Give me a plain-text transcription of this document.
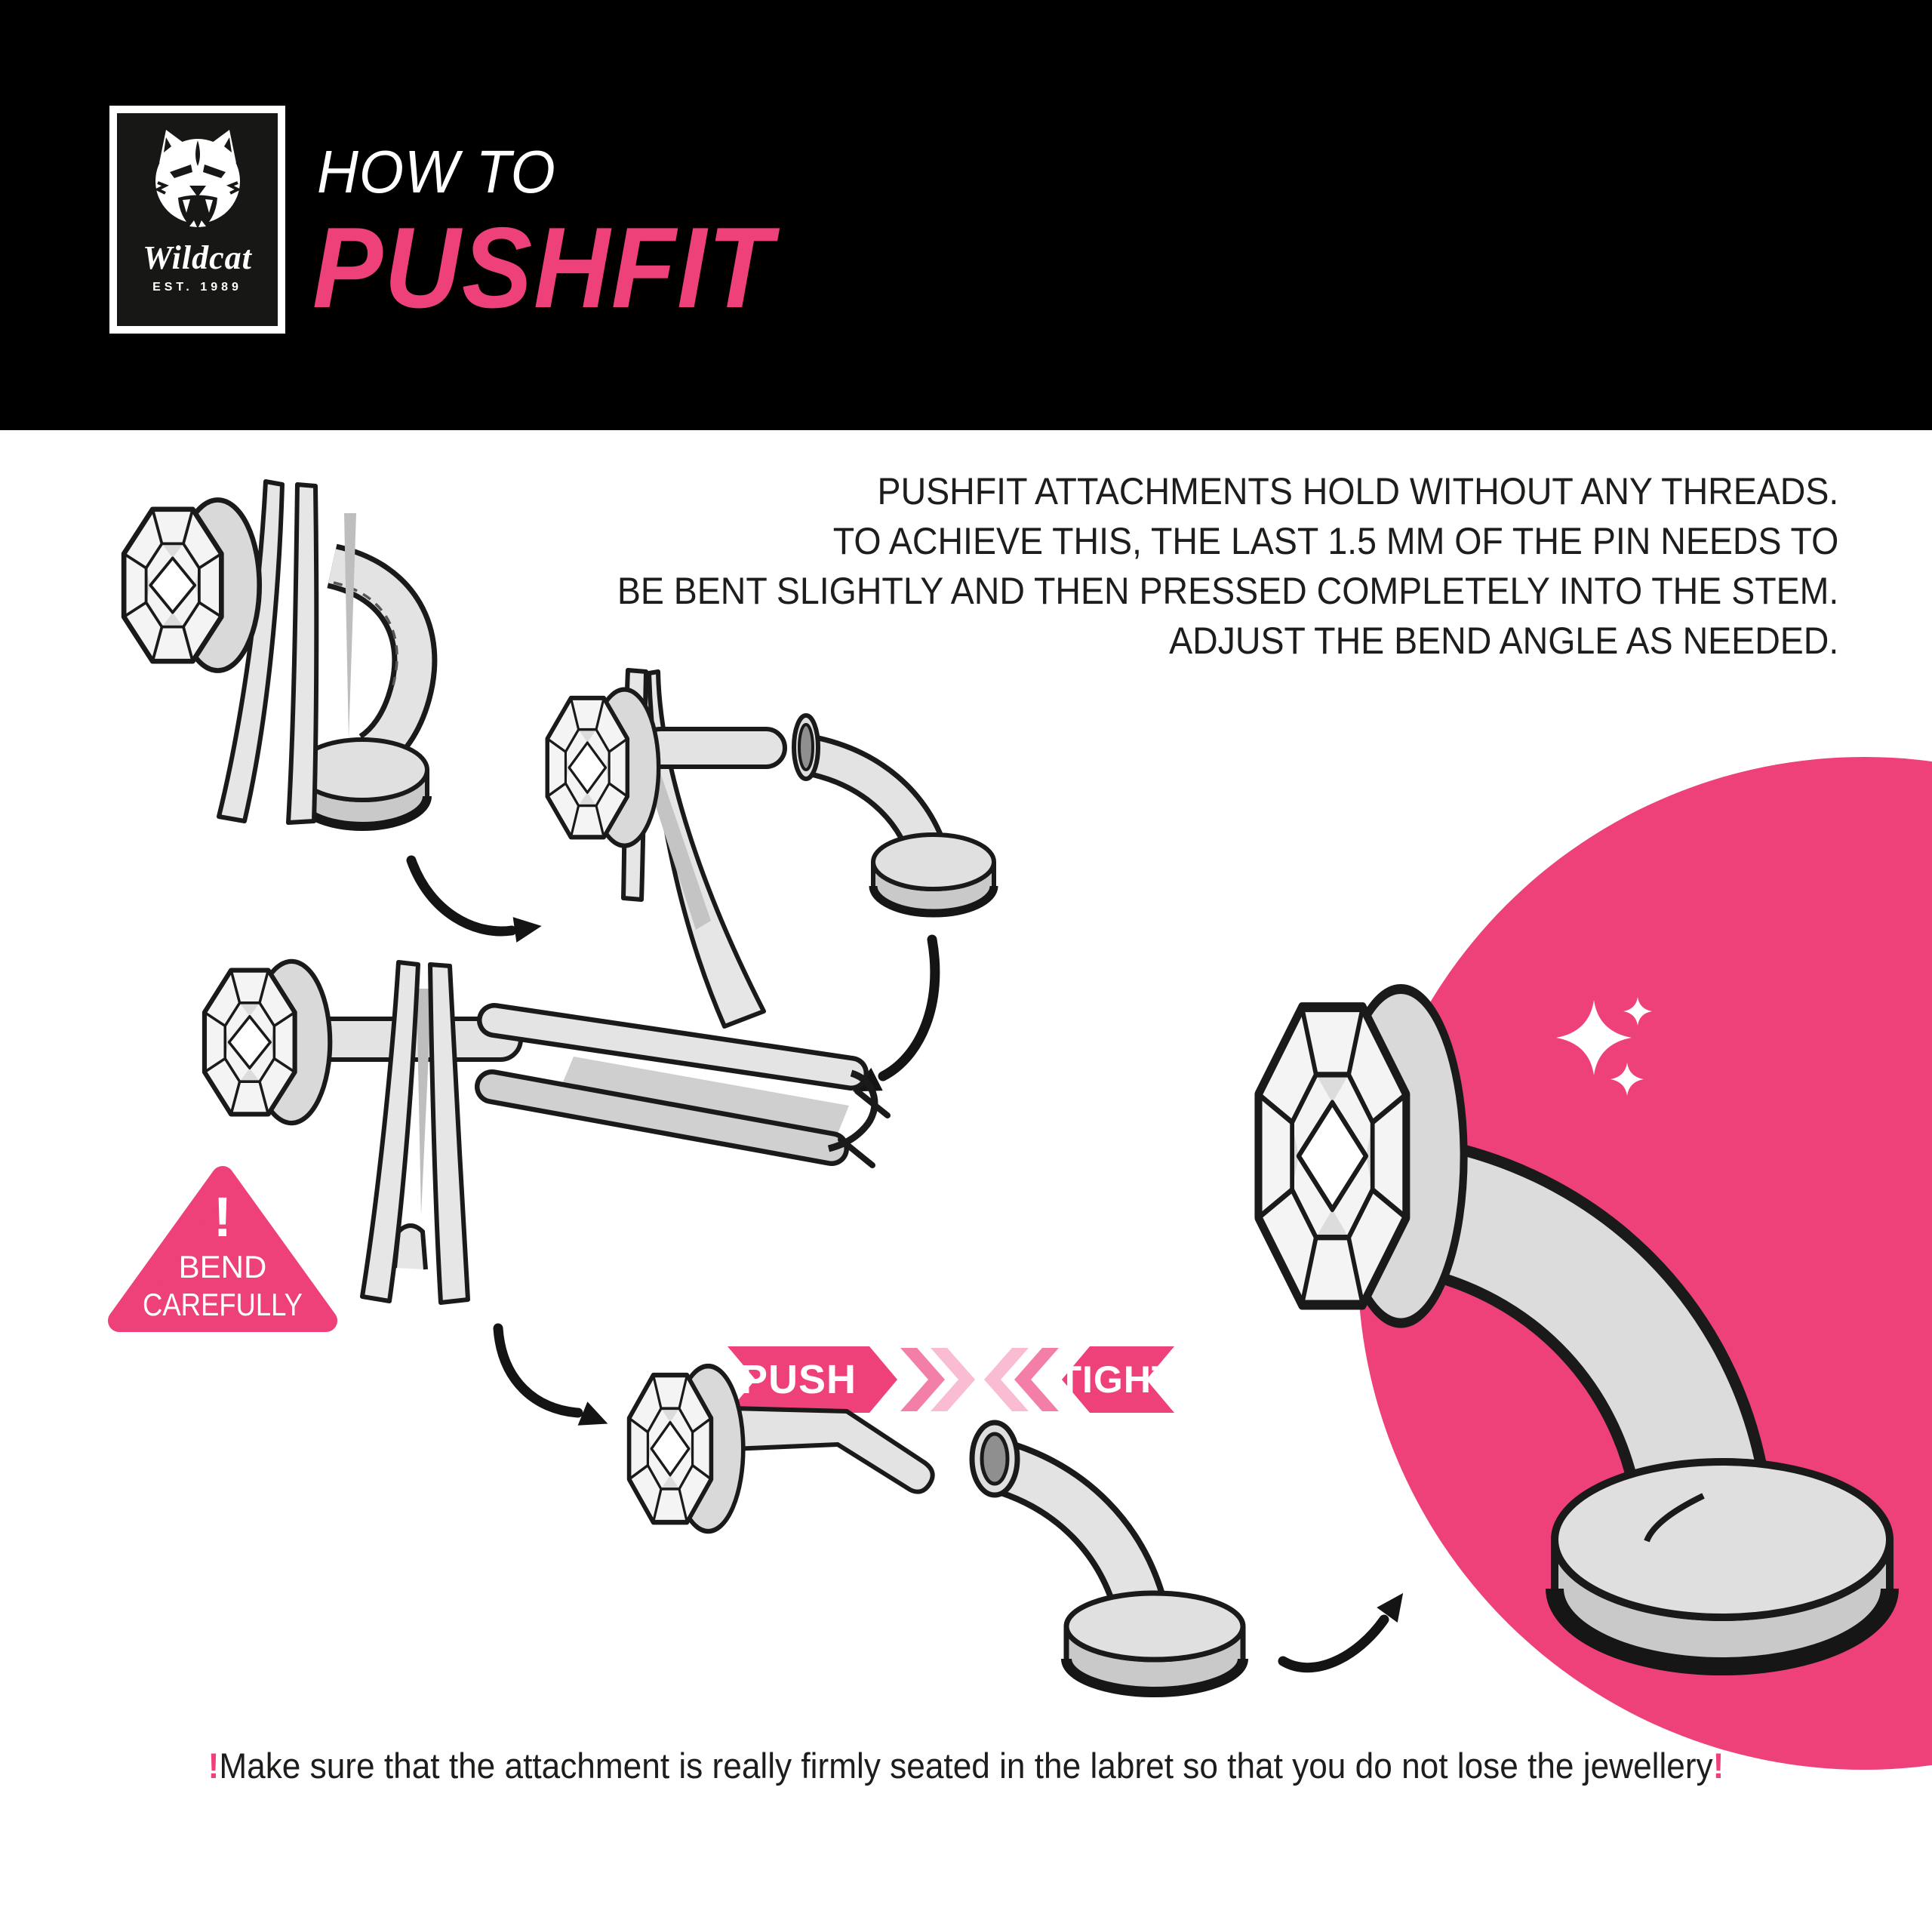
Wildcat
EST. 1989
HOW TO
PUSHFIT
PUSHFIT ATTACHMENTS HOLD WITHOUT ANY THREADS.
TO ACHIEVE THIS, THE LAST 1.5 MM OF THE PIN NEEDS TO
BE BENT SLIGHTLY AND THEN PRESSED COMPLETELY INTO THE STEM.
ADJUST THE BEND ANGLE AS NEEDED.
!
BEND
CAREFULLY
PUSH	TIGHT
!Make sure that the attachment is really firmly seated in the labret so that you do not lose the jewellery!
